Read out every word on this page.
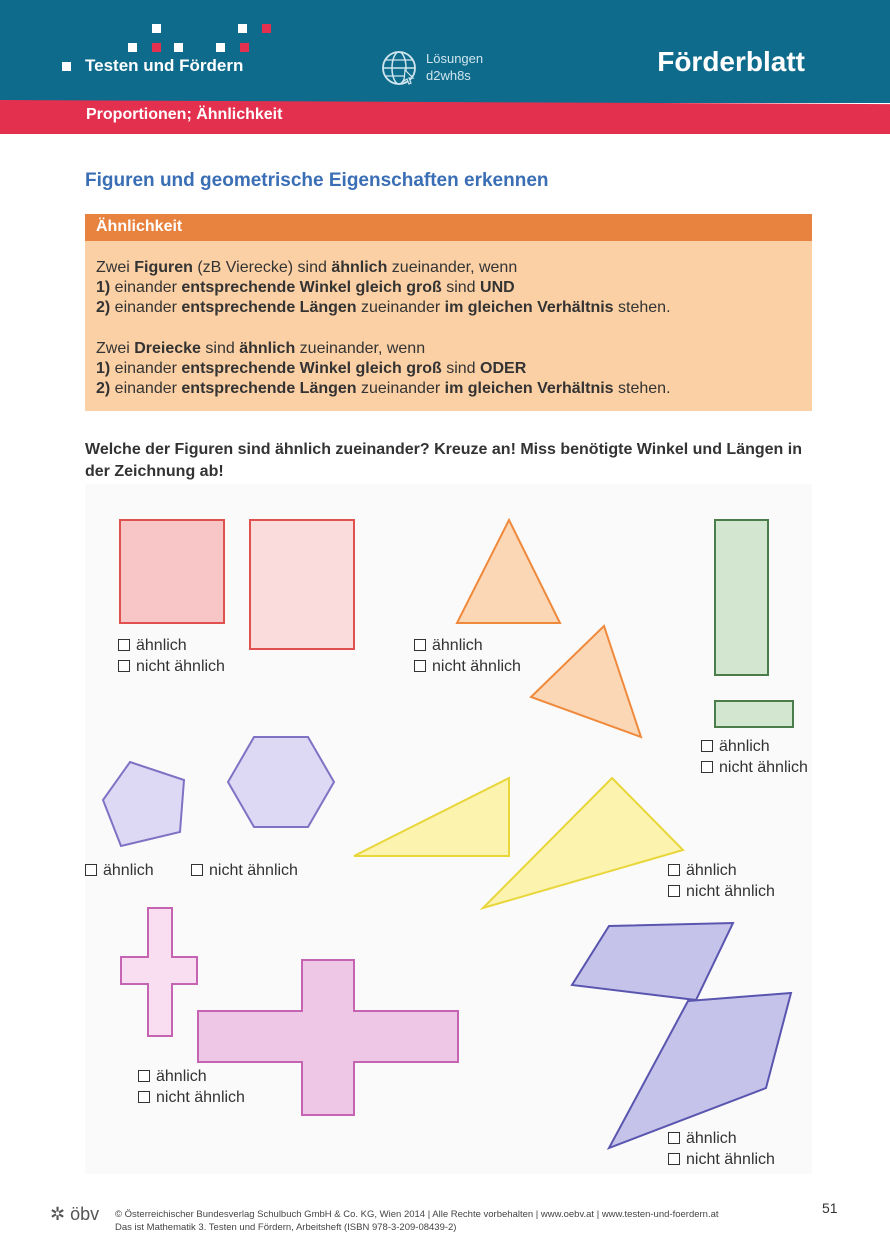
Testen und Fördern	Lösungen
d2wh8s	Förderblatt
Proportionen; Ähnlichkeit
Figuren und geometrische Eigenschaften erkennen
Ähnlichkeit

Zwei Figuren (zB Vierecke) sind ähnlich zueinander, wenn
1) einander entsprechende Winkel gleich groß sind UND
2) einander entsprechende Längen zueinander im gleichen Verhältnis stehen.

Zwei Dreiecke sind ähnlich zueinander, wenn
1) einander entsprechende Winkel gleich groß sind ODER
2) einander entsprechende Längen zueinander im gleichen Verhältnis stehen.

Welche der Figuren sind ähnlich zueinander? Kreuze an! Miss benötigte Winkel und Längen in der Zeichnung ab!
ähnlich
nicht ähnlich
ähnlich
nicht ähnlich
ähnlich
nicht ähnlich
ähnlich	nicht ähnlich	ähnlich
nicht ähnlich
ähnlich
nicht ähnlich
ähnlich
nicht ähnlich
✲ öbv © Österreichischer Bundesverlag Schulbuch GmbH & Co. KG, Wien 2014 | Alle Rechte vorbehalten | www.oebv.at | www.testen-und-foerdern.at
Das ist Mathematik 3. Testen und Fördern, Arbeitsheft (ISBN 978-3-209-08439-2)
51
